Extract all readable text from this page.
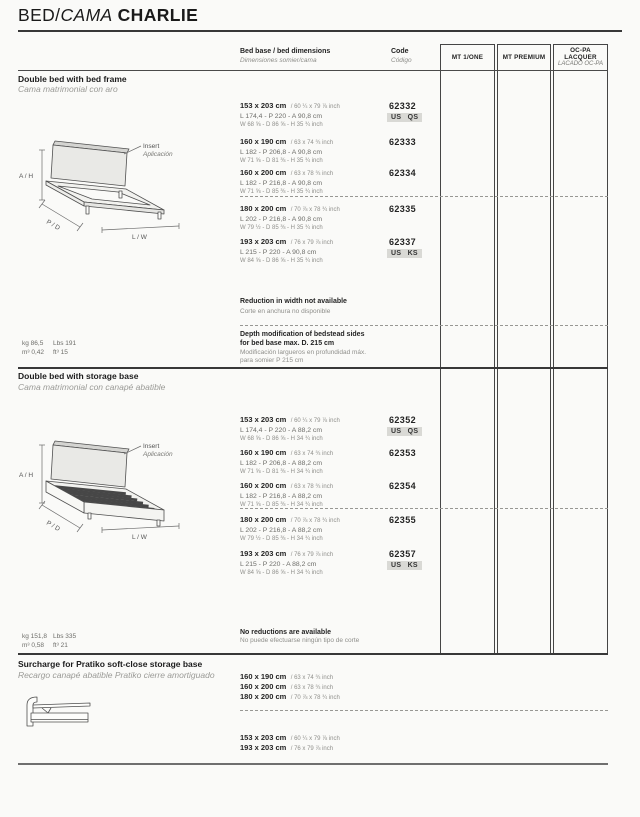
BED/CAMA CHARLIE
MT 1/ONE	MT PREMIUM
OC-PA LACQUER
LACADO OC-PA
Bed base / bed dimensions
Dimensiones somier/cama
Code
Código
Double bed with bed frame
Cama matrimonial con aro
A / H
P / D
L / W
Insert
Aplicación
153 x 203 cm / 60 ¼ x 79 ⅞ inch
L 174,4 - P 220 - A 90,8 cm
W 68 ⅝ - D 86 ⅝ - H 35 ¾ inch
62332
US QS
160 x 190 cm / 63 x 74 ¾ inch
L 182 - P 206,8 - A 90,8 cm
W 71 ⅝ - D 81 ⅜ - H 35 ¾ inch
62333
160 x 200 cm / 63 x 78 ¾ inch
L 182 - P 216,8 - A 90,8 cm
W 71 ⅝ - D 85 ⅜ - H 35 ¾ inch
62334
180 x 200 cm / 70 ⅞ x 78 ¾ inch
L 202 - P 216,8 - A 90,8 cm
W 79 ½ - D 85 ⅜ - H 35 ¾ inch
62335
193 x 203 cm / 76 x 79 ⅞ inch
L 215 - P 220 - A 90,8 cm
W 84 ⅝ - D 86 ⅝ - H 35 ¾ inch
62337
US KS
Reduction in width not available
Corte en anchura no disponible
Depth modification of bedstead sides
for bed base max. D. 215 cm
Modificación largueros en profundidad máx.
para somier P 215 cm
kg 86,5 Lbs 191
m³ 0,42 ft³ 15
Double bed with storage base
Cama matrimonial con canapé abatible
A / H
P / D
L / W
Insert
Aplicación
153 x 203 cm / 60 ¼ x 79 ⅞ inch
L 174,4 - P 220 - A 88,2 cm
W 68 ⅝ - D 86 ⅝ - H 34 ¾ inch
62352
US QS
160 x 190 cm / 63 x 74 ¾ inch
L 182 - P 206,8 - A 88,2 cm
W 71 ⅝ - D 81 ⅜ - H 34 ¾ inch
62353
160 x 200 cm / 63 x 78 ¾ inch
L 182 - P 216,8 - A 88,2 cm
W 71 ⅝ - D 85 ⅜ - H 34 ¾ inch
62354
180 x 200 cm / 70 ⅞ x 78 ¾ inch
L 202 - P 216,8 - A 88,2 cm
W 79 ½ - D 85 ⅜ - H 34 ¾ inch
62355
193 x 203 cm / 76 x 79 ⅞ inch
L 215 - P 220 - A 88,2 cm
W 84 ⅝ - D 86 ⅝ - H 34 ¾ inch
62357
US KS
No reductions are available
No puede efectuarse ningún tipo de corte
kg 151,8 Lbs 335
m³ 0,58 ft³ 21
Surcharge for Pratiko soft-close storage base
Recargo canapé abatible Pratiko cierre amortiguado	160 x 190 cm / 63 x 74 ¾ inch
160 x 200 cm / 63 x 78 ¾ inch
180 x 200 cm / 70 ⅞ x 78 ¾ inch
153 x 203 cm / 60 ¼ x 79 ⅞ inch
193 x 203 cm / 76 x 79 ⅞ inch
